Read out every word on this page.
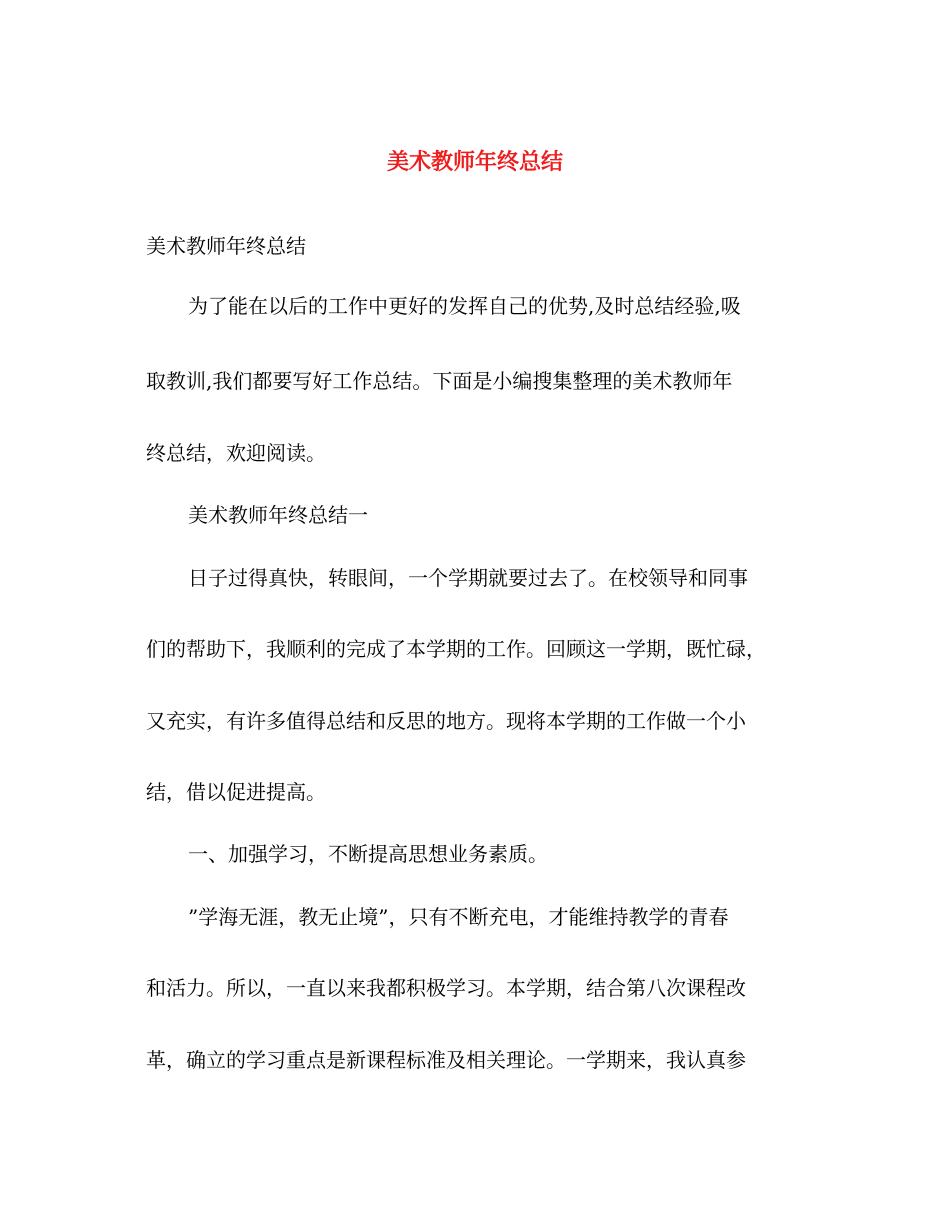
美术教师年终总结
美术教师年终总结
为了能在以后的工作中更好的发挥自己的优势,及时总结经验,吸
取教训,我们都要写好工作总结。下面是小编搜集整理的美术教师年
终总结，欢迎阅读。
美术教师年终总结一
日子过得真快，转眼间，一个学期就要过去了。在校领导和同事
们的帮助下，我顺利的完成了本学期的工作。回顾这一学期，既忙碌，
又充实，有许多值得总结和反思的地方。现将本学期的工作做一个小
结，借以促进提高。
一、加强学习，不断提高思想业务素质。
”学海无涯，教无止境”，只有不断充电，才能维持教学的青春
和活力。所以，一直以来我都积极学习。本学期，结合第八次课程改
革，确立的学习重点是新课程标准及相关理论。一学期来，我认真参
